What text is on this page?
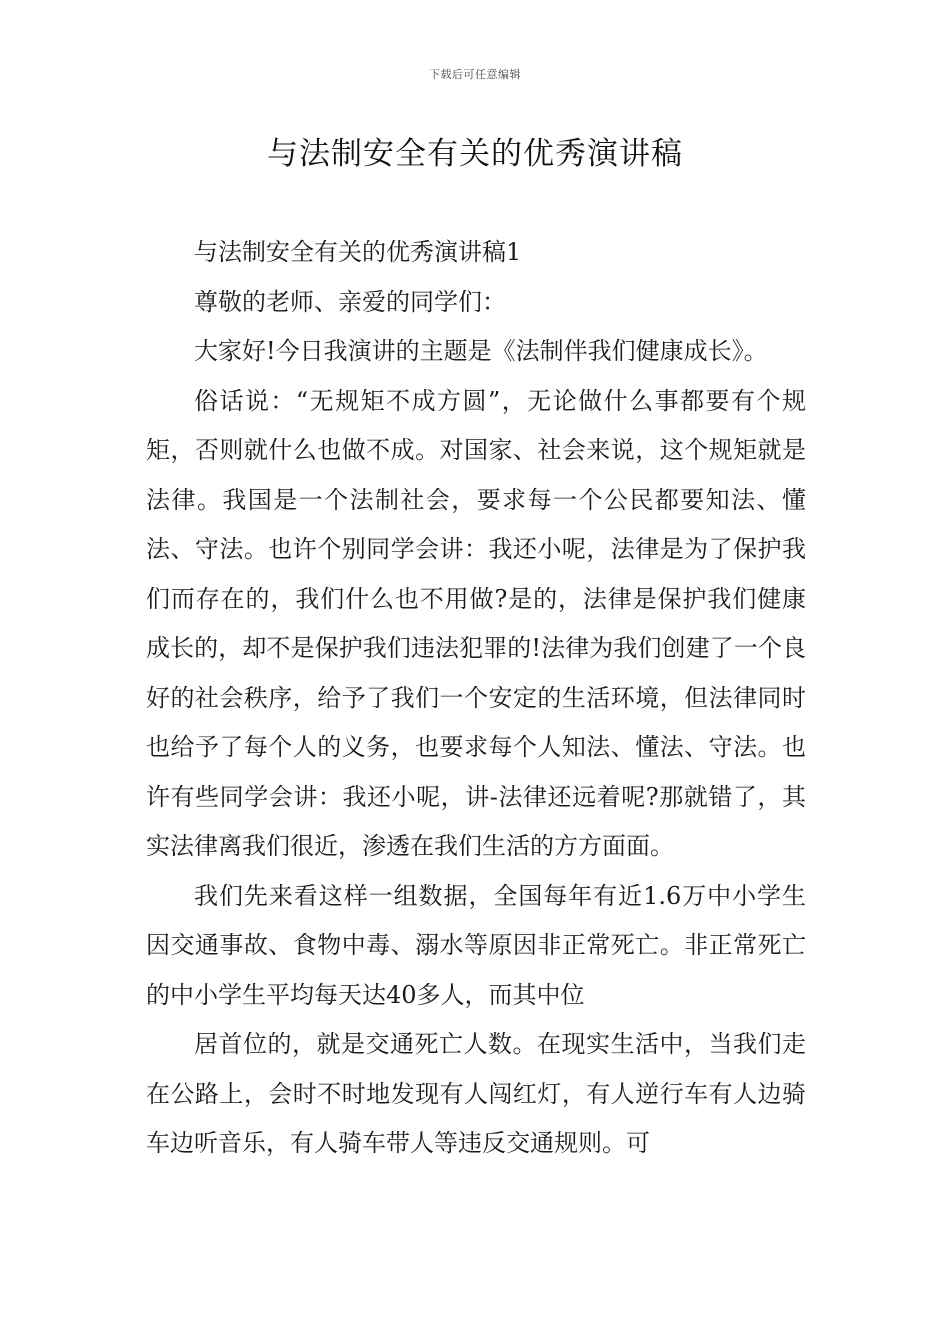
下载后可任意编辑
与法制安全有关的优秀演讲稿

与法制安全有关的优秀演讲稿1

尊敬的老师、亲爱的同学们：

大家好!今日我演讲的主题是《法制伴我们健康成长》。

俗话说：“无规矩不成方圆”，无论做什么事都要有个规矩，否则就什么也做不成。对国家、社会来说，这个规矩就是法律。我国是一个法制社会，要求每一个公民都要知法、懂法、守法。也许个别同学会讲：我还小呢，法律是为了保护我们而存在的，我们什么也不用做?是的，法律是保护我们健康成长的，却不是保护我们违法犯罪的!法律为我们创建了一个良好的社会秩序，给予了我们一个安定的生活环境，但法律同时也给予了每个人的义务，也要求每个人知法、懂法、守法。也许有些同学会讲：我还小呢，讲-法律还远着呢?那就错了，其实法律离我们很近，渗透在我们生活的方方面面。

我们先来看这样一组数据，全国每年有近1.6万中小学生因交通事故、食物中毒、溺水等原因非正常死亡。非正常死亡的中小学生平均每天达40多人，而其中位

居首位的，就是交通死亡人数。在现实生活中，当我们走在公路上，会时不时地发现有人闯红灯，有人逆行车有人边骑车边听音乐，有人骑车带人等违反交通规则。可
